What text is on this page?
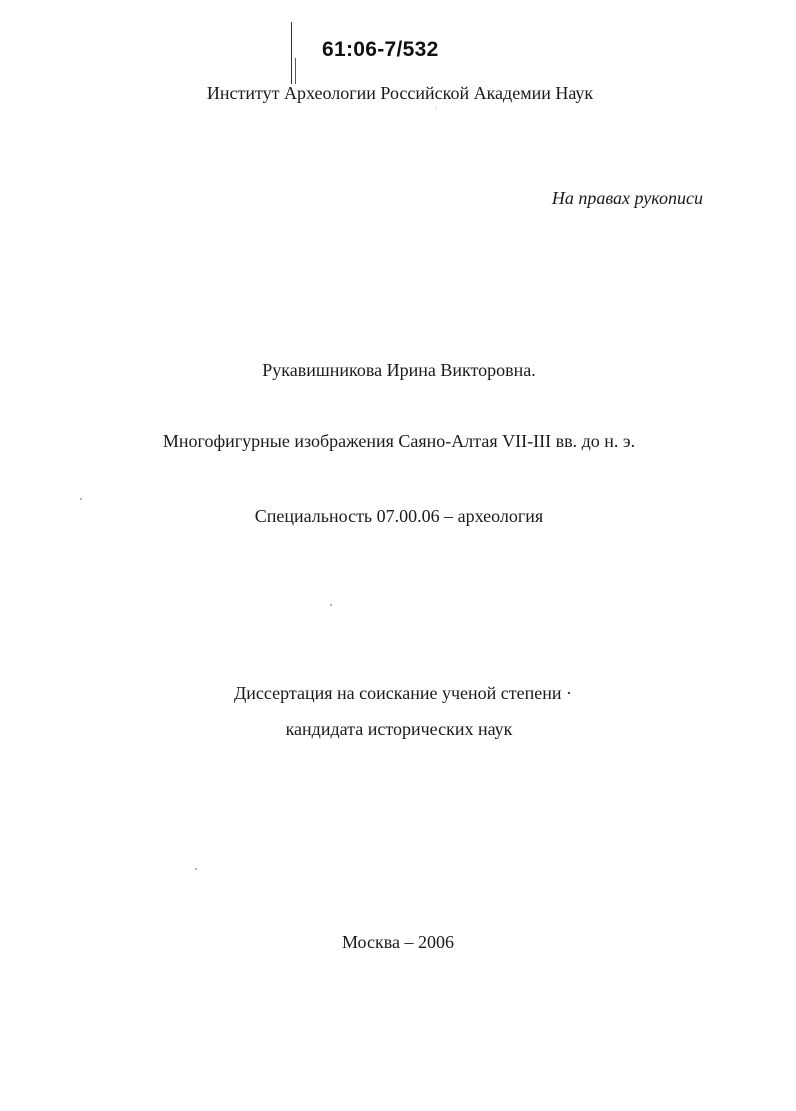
61:06-7/532
Институт Археологии Российской Академии Наук
На правах рукописи
Рукавишникова Ирина Викторовна.
Многофигурные изображения Саяно-Алтая VII-III вв. до н. э.
Специальность 07.00.06 – археология
Диссертация на соискание ученой степени ·
кандидата исторических наук
Москва – 2006
